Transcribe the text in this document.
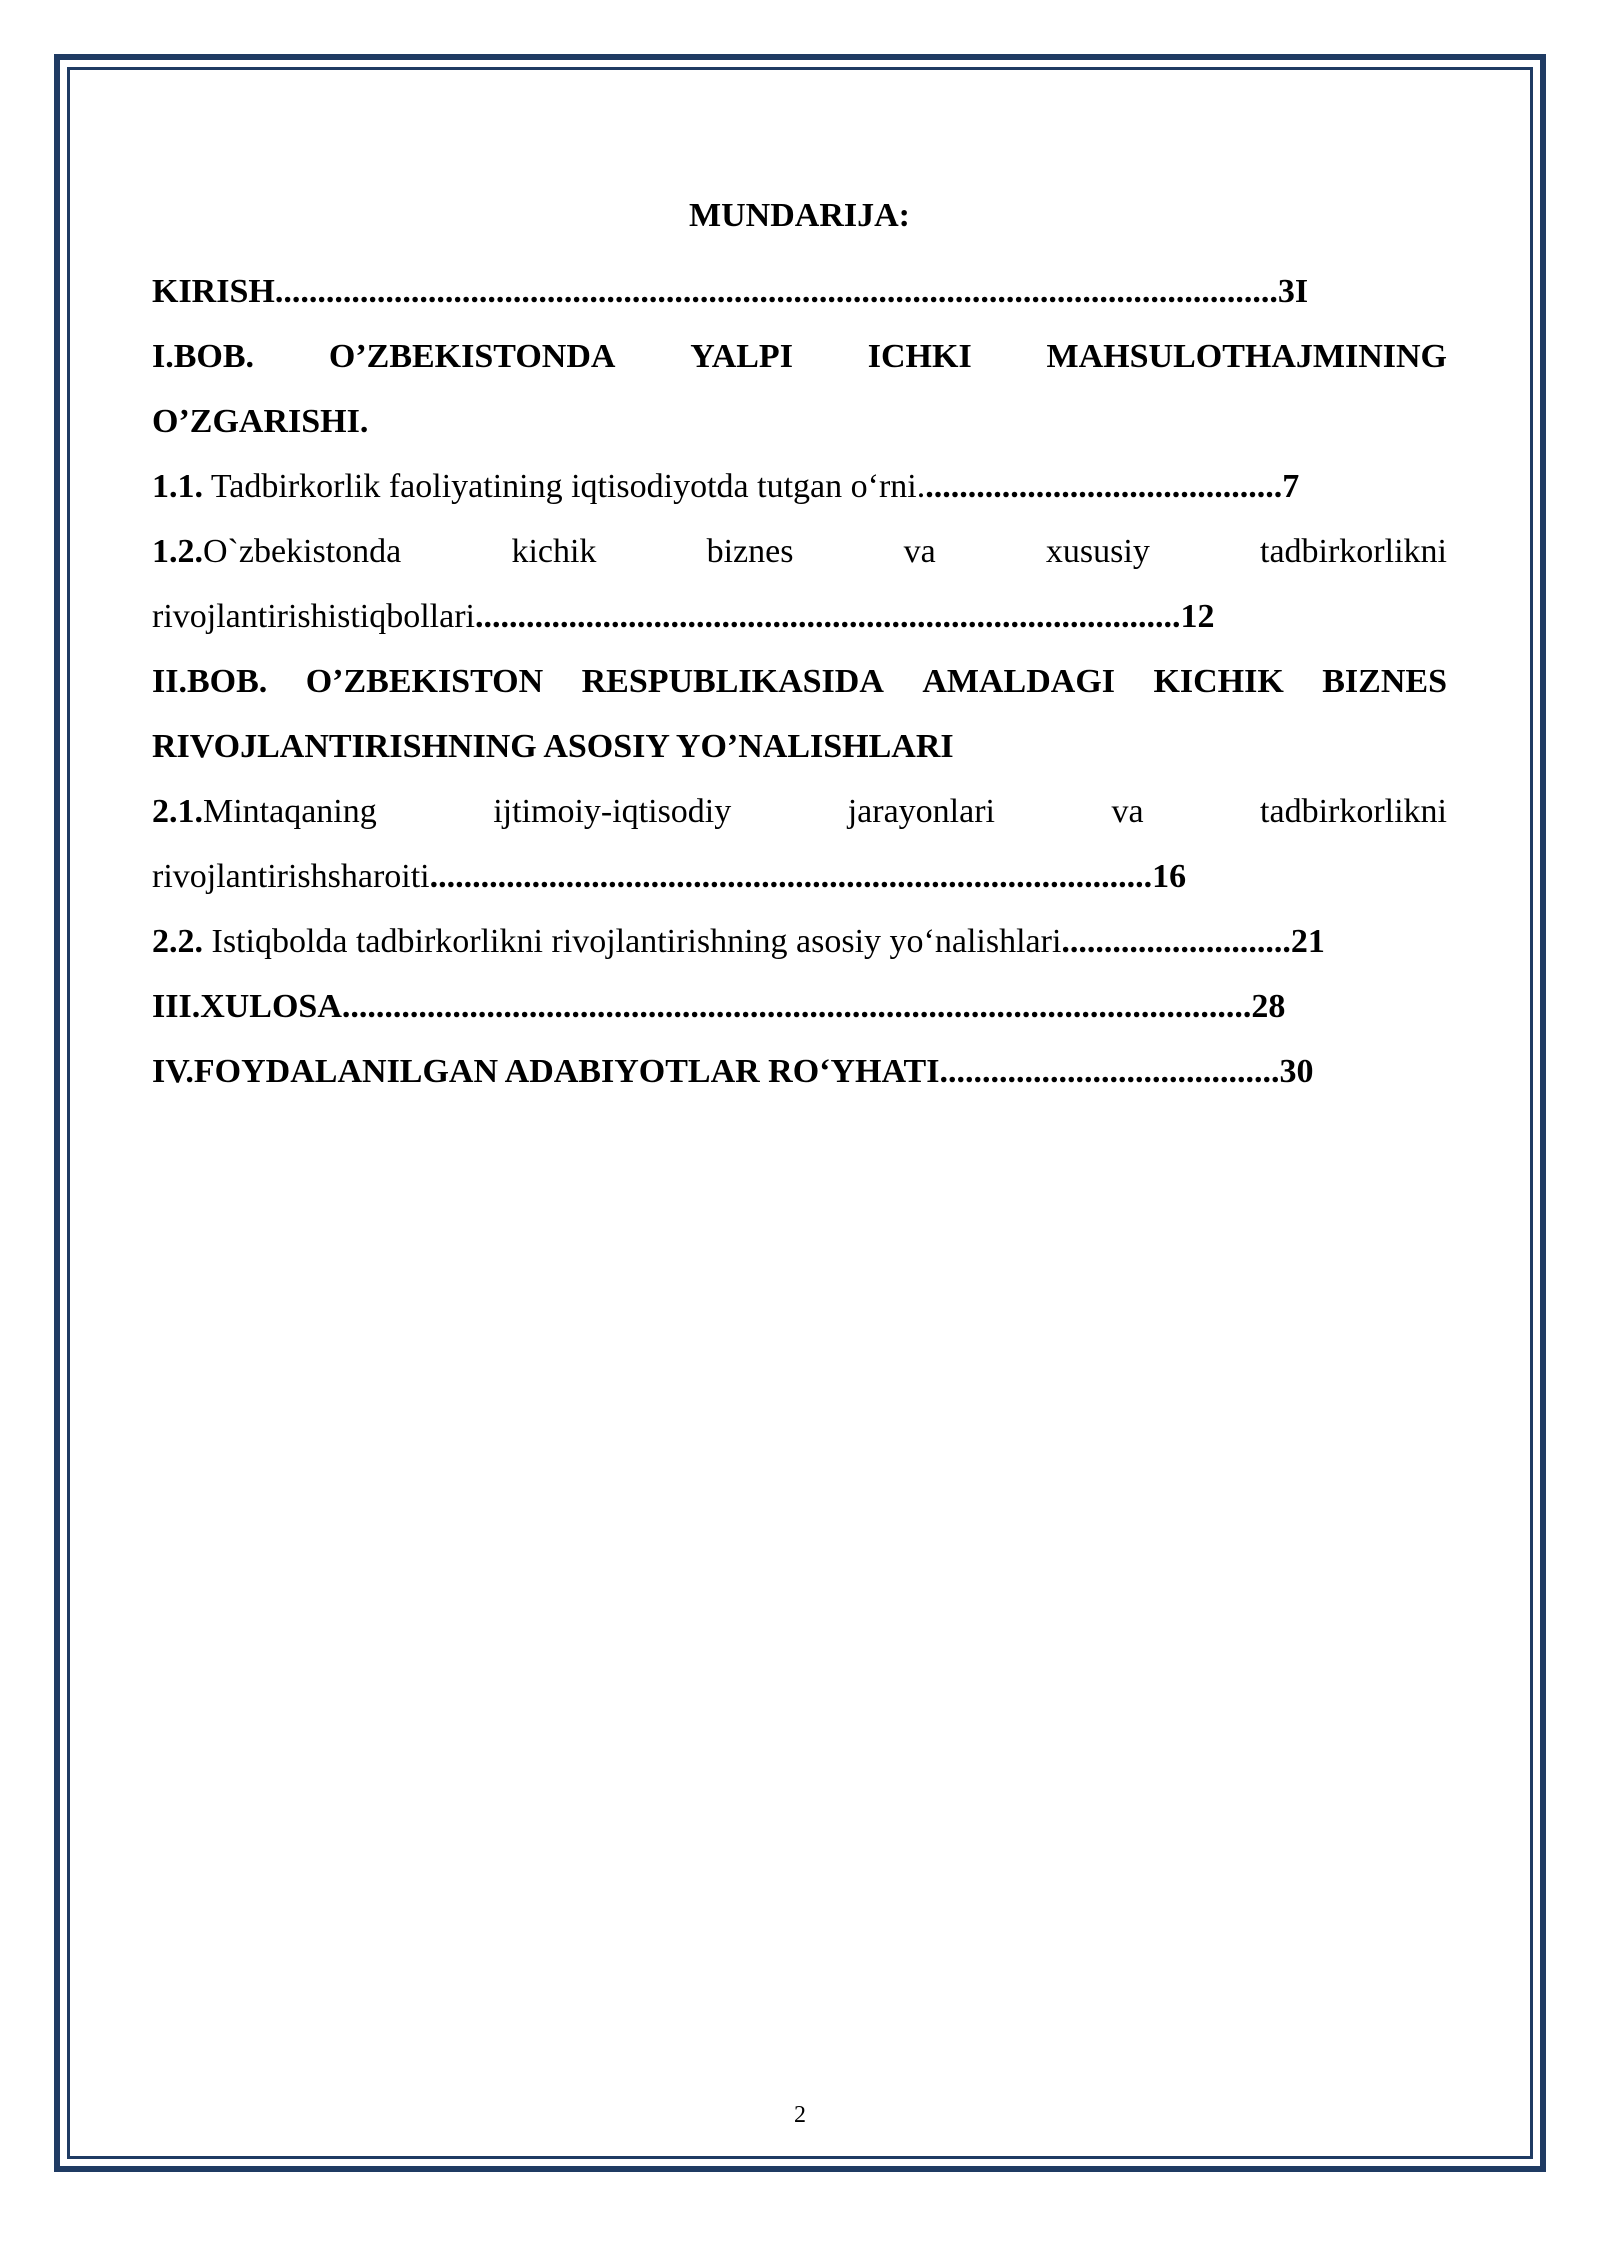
MUNDARIJA:
KIRISH......................................................................................................................3I
I.BOB. O’ZBEKISTONDA YALPI ICHKI MAHSULOTHAJMINING
O’ZGARISHI.
1.1. Tadbirkorlik faoliyatining iqtisodiyotda tutgan o‘rni...........................................7
1.2.O`zbekistonda	kichik	biznes	va	xususiy	tadbirkorlikni
rivojlantirishistiqbollari...................................................................................12
II.BOB. O’ZBEKISTON RESPUBLIKASIDA AMALDAGI KICHIK BIZNES
RIVOJLANTIRISHNING ASOSIY YO’NALISHLARI
2.1.Mintaqaning	ijtimoiy-iqtisodiy	jarayonlari	va	tadbirkorlikni
rivojlantirishsharoiti.....................................................................................16
2.2. Istiqbolda tadbirkorlikni rivojlantirishning asosiy yo‘nalishlari...........................21
III.XULOSA...........................................................................................................28
IV.FOYDALANILGAN ADABIYOTLAR RO‘YHATI........................................30
2
